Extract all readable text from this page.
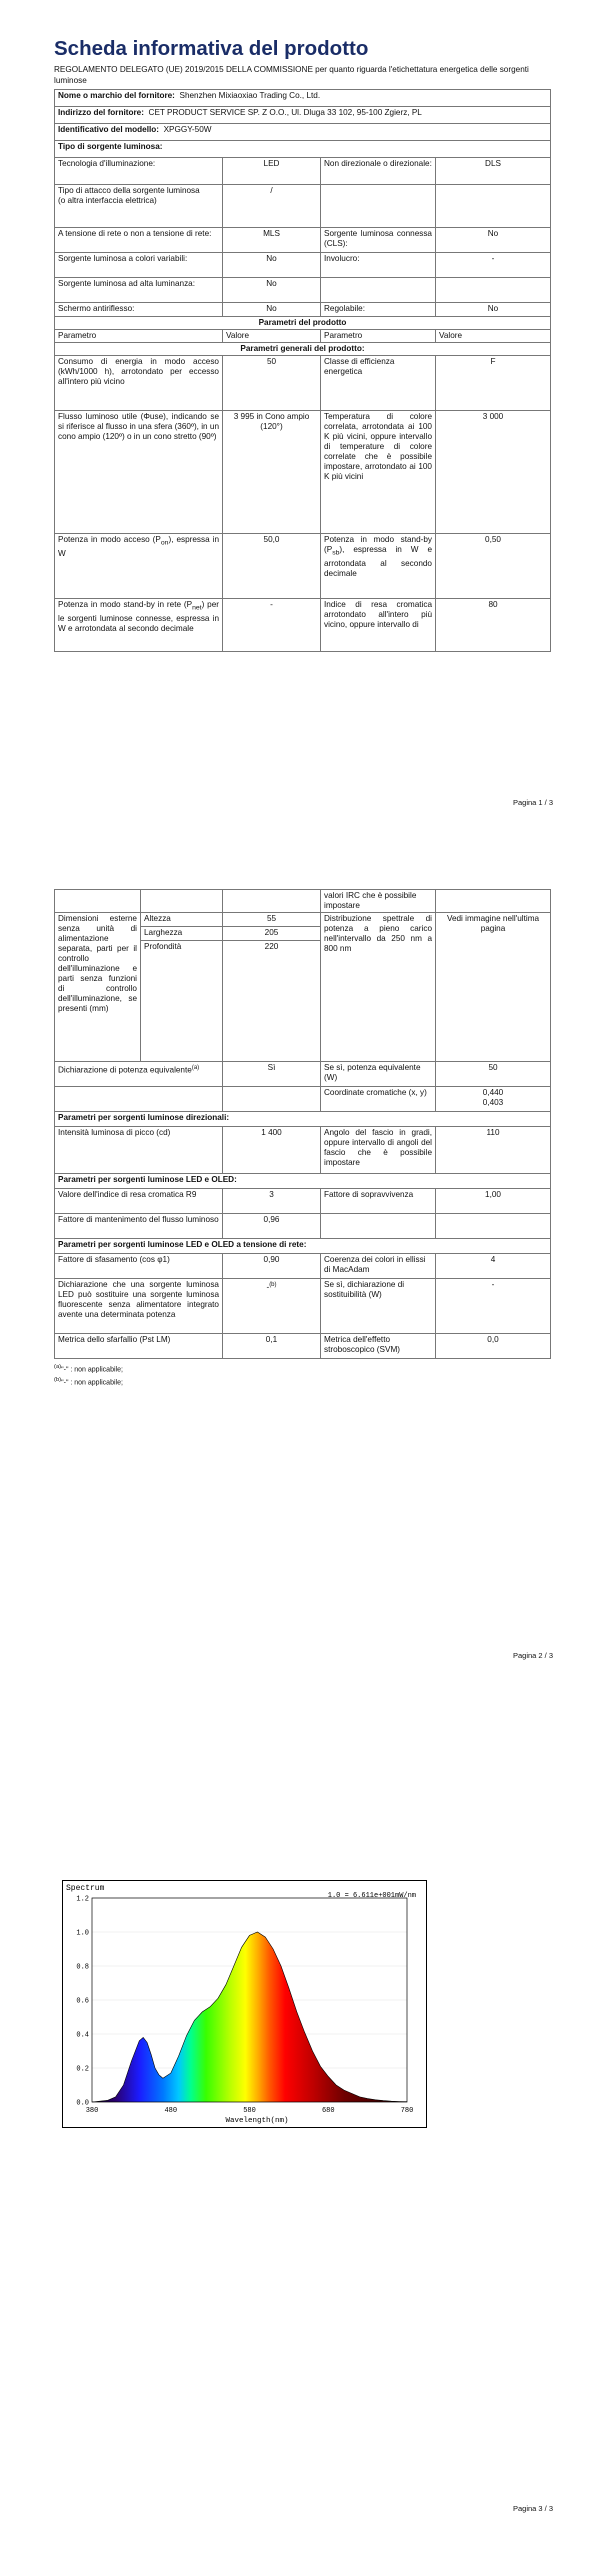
Scheda informativa del prodotto
REGOLAMENTO DELEGATO (UE) 2019/2015 DELLA COMMISSIONE per quanto riguarda l'etichettatura energetica delle sorgenti luminose
Nome o marchio del fornitore: Shenzhen Mixiaoxiao Trading Co., Ltd.			
Indirizzo del fornitore: CET PRODUCT SERVICE SP. Z O.O., Ul. Dluga 33 102, 95-100 Zgierz, PL			
Identificativo del modello: XPGGY-50W			
Tipo di sorgente luminosa:			
Tecnologia d'illuminazione:	LED	Non direzionale o direzionale:	DLS

Tipo di attacco della sorgente luminosa
(o altra interfaccia elettrica)	/		
A tensione di rete o non a tensione di rete:	MLS	Sorgente luminosa connessa (CLS):	No
Sorgente luminosa a colori variabili:	No	Involucro:	-
Sorgente luminosa ad alta luminanza:	No		
Schermo antiriflesso:	No	Regolabile:	No
Parametri del prodotto			
Parametro	Valore	Parametro	Valore
Parametri generali del prodotto:			
Consumo di energia in modo acceso (kWh/1000 h), arrotondato per eccesso all'intero più vicino	50	Classe di efficienza energetica	F
Flusso luminoso utile (Φuse), indicando se si riferisce al flusso in una sfera (360º), in un cono ampio (120º) o in un cono stretto (90º)	3 995 in Cono ampio (120°)	Temperatura di colore correlata, arrotondata ai 100 K più vicini, oppure intervallo di temperature di colore correlate che è possibile impostare, arrotondato ai 100 K più vicini	3 000
Potenza in modo acceso $(P_{on})$, espressa in W	50,0	Potenza in modo stand-by $(P_{sb})$, espressa in W e arrotondata al secondo decimale	0,50
Potenza in modo stand-by in rete $(P_{net})$ per le sorgenti luminose connesse, espressa in W e arrotondata al secondo decimale	-	Indice di resa cromatica arrotondato all'intero più vicino, oppure intervallo di	80
Pagina 1 / 3
			valori IRC che è possibile impostare	
Dimensioni esterne senza unità di alimentazione separata, parti per il controllo dell'illuminazione e parti senza funzioni di controllo dell'illuminazione, se presenti (mm)	Altezza	55	Distribuzione spettrale di potenza a pieno carico nell'intervallo da 250 nm a 800 nm	Vedi immagine nell'ultima pagina
	Larghezza	205		
	Profondità	220		
Dichiarazione di potenza equivalente$^{(a)}$		Sì	Se sì, potenza equivalente (W)	50
			Coordinate cromatiche (x, y)	0,440
0,403

Parametri per sorgenti luminose direzionali:				
Intensità luminosa di picco (cd)		1 400	Angolo del fascio in gradi, oppure intervallo di angoli del fascio che è possibile impostare	110
Parametri per sorgenti luminose LED e OLED:				
Valore dell'indice di resa cromatica R9		3	Fattore di sopravvivenza	1,00
Fattore di mantenimento del flusso luminoso		0,96		
Parametri per sorgenti luminose LED e OLED a tensione di rete:				
Fattore di sfasamento (cos φ1)		0,90	Coerenza dei colori in ellissi di MacAdam	4
Dichiarazione che una sorgente luminosa LED può sostituire una sorgente luminosa fluorescente senza alimentatore integrato avente una determinata potenza		-$^{(b)}$	Se sì, dichiarazione di sostituibilità (W)	-
Metrica dello sfarfallio (Pst LM)		0,1	Metrica dell'effetto stroboscopico (SVM)	0,0
$^{(a)}$"-" : non applicabile;
$^{(b)}$"-" : non applicabile;
Pagina 2 / 3
Spectrum
1.0 = 6.611e+001mW/nm
Wavelength(nm)
0.0
0.2
0.4
0.6
0.8
1.0
1.2
380	480	580	680	780
Pagina 3 / 3
